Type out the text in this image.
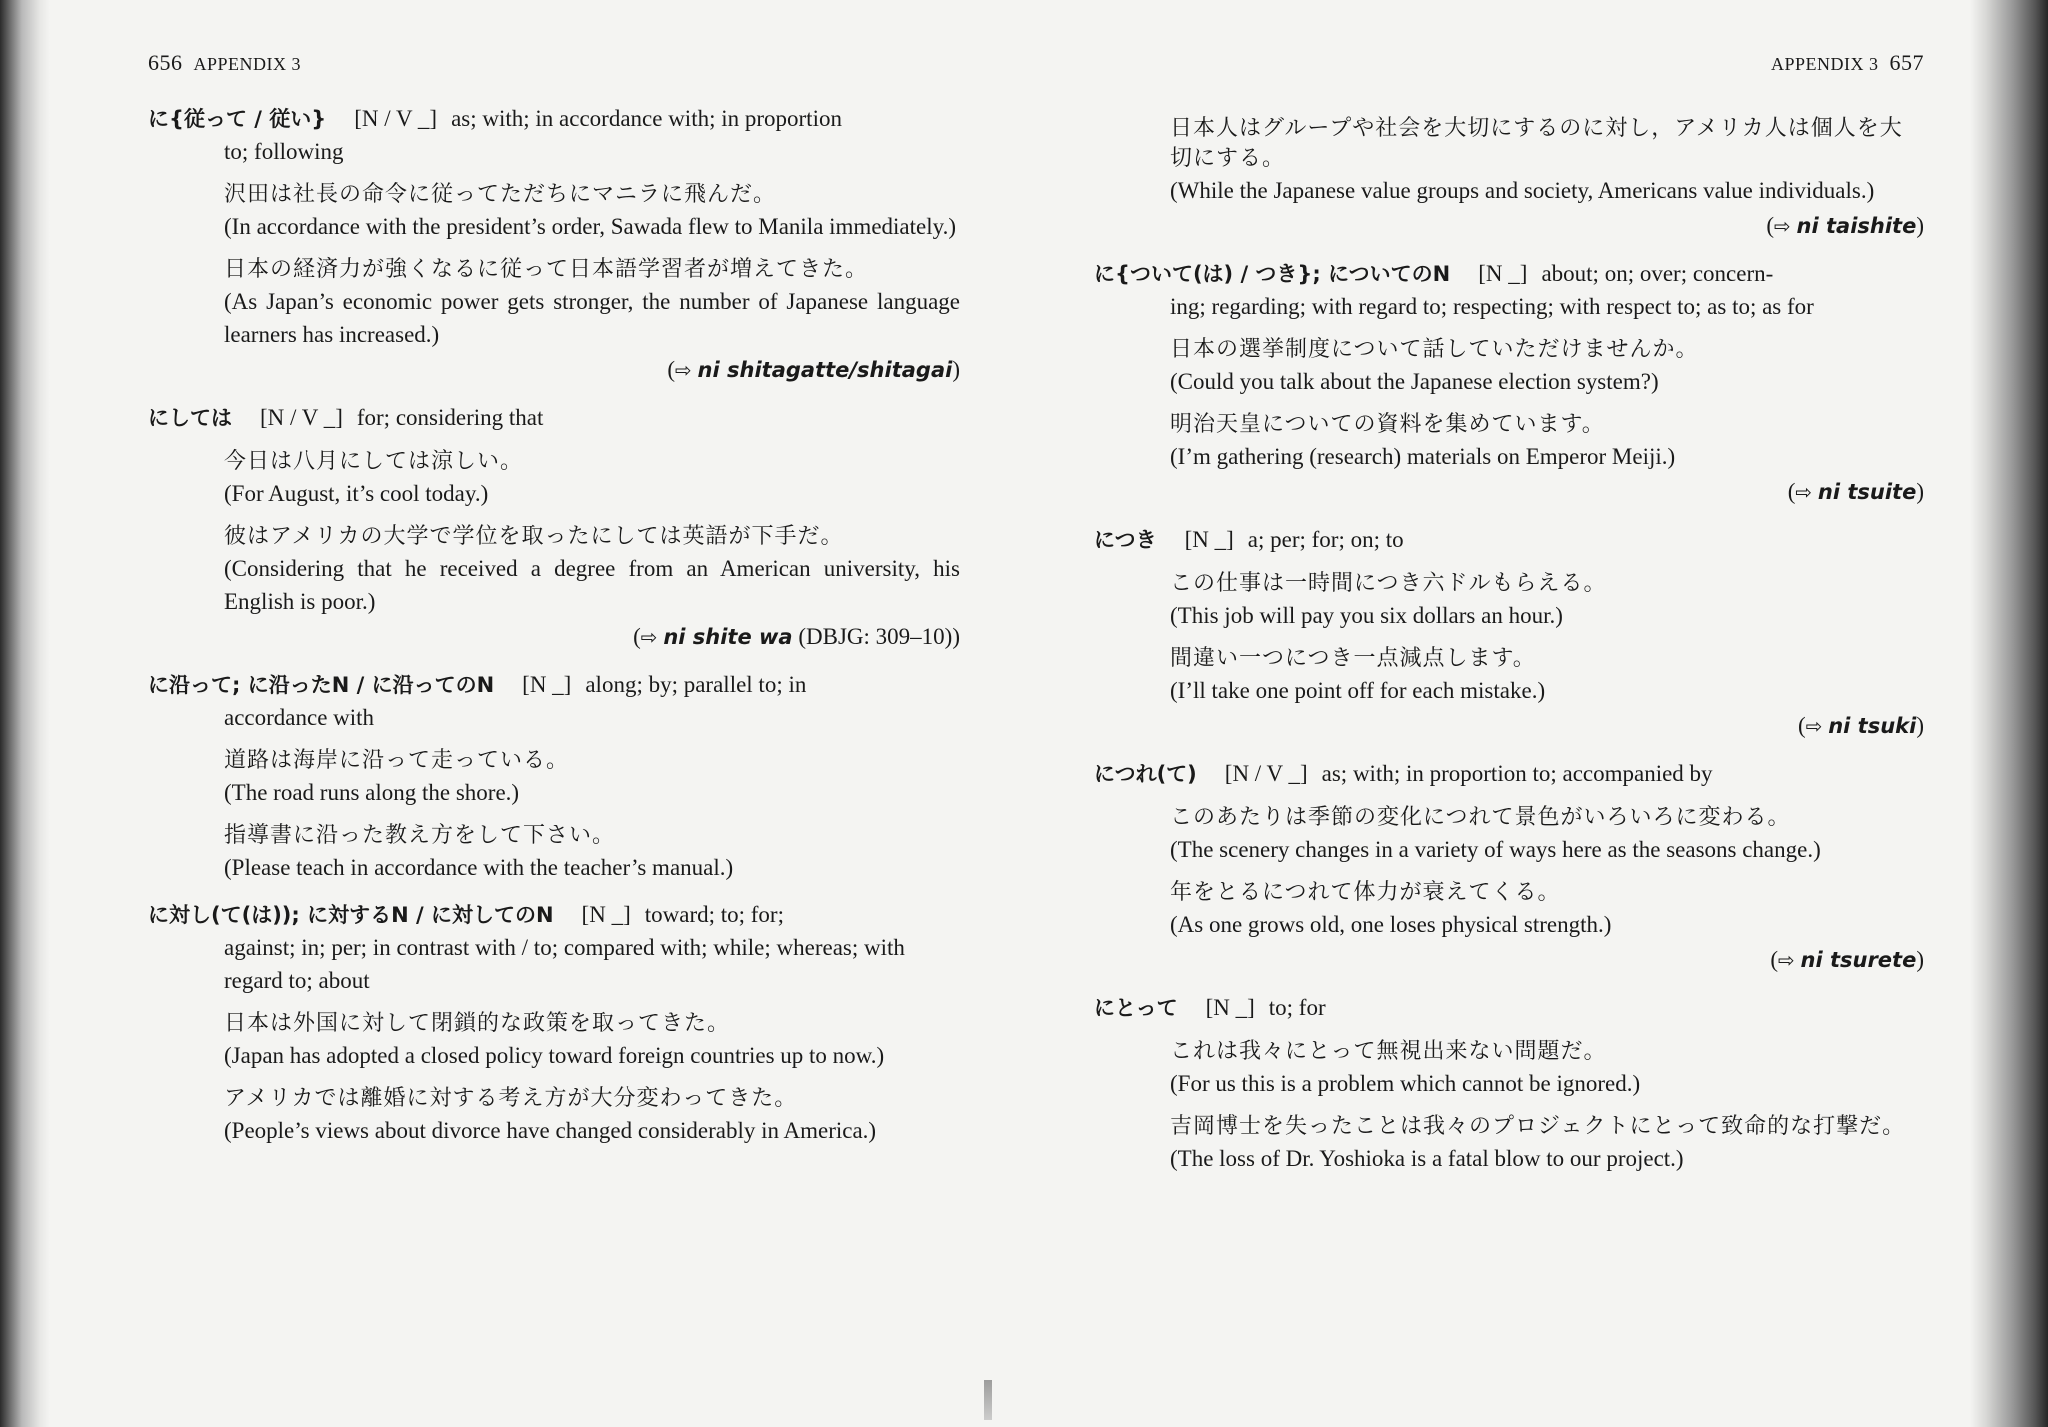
656 APPENDIX 3
に{従って / 従い} [N / V _] as; with; in accordance with; in proportion
to; following
沢田は社長の命令に従ってただちにマニラに飛んだ。
(In accordance with the president’s order, Sawada flew to Manila immediately.)
日本の経済力が強くなるに従って日本語学習者が増えてきた。
(As Japan’s economic power gets stronger, the number of Japanese language learners has increased.)
(⇨ ni shitagatte/shitagai)
にしては [N / V _] for; considering that
今日は八月にしては涼しい。
(For August, it’s cool today.)
彼はアメリカの大学で学位を取ったにしては英語が下手だ。
(Considering that he received a degree from an American university, his English is poor.)
(⇨ ni shite wa (DBJG: 309–10))
に沿って; に沿ったN / に沿ってのN [N _] along; by; parallel to; in
accordance with
道路は海岸に沿って走っている。
(The road runs along the shore.)
指導書に沿った教え方をして下さい。
(Please teach in accordance with the teacher’s manual.)
に対し(て(は)); に対するN / に対してのN [N _] toward; to; for;
against; in; per; in contrast with / to; compared with; while; whereas; with regard to; about
日本は外国に対して閉鎖的な政策を取ってきた。
(Japan has adopted a closed policy toward foreign countries up to now.)
アメリカでは離婚に対する考え方が大分変わってきた。
(People’s views about divorce have changed considerably in America.)
APPENDIX 3 657
日本人はグループや社会を大切にするのに対し，アメリカ人は個人を大切にする。
(While the Japanese value groups and society, Americans value individuals.)
(⇨ ni taishite)
に{ついて(は) / つき}; についてのN [N _] about; on; over; concern-
ing; regarding; with regard to; respecting; with respect to; as to; as for
日本の選挙制度について話していただけませんか。
(Could you talk about the Japanese election system?)
明治天皇についての資料を集めています。
(I’m gathering (research) materials on Emperor Meiji.)
(⇨ ni tsuite)
につき [N _] a; per; for; on; to
この仕事は一時間につき六ドルもらえる。
(This job will pay you six dollars an hour.)
間違い一つにつき一点減点します。
(I’ll take one point off for each mistake.)
(⇨ ni tsuki)
につれ(て) [N / V _] as; with; in proportion to; accompanied by
このあたりは季節の変化につれて景色がいろいろに変わる。
(The scenery changes in a variety of ways here as the seasons change.)
年をとるにつれて体力が衰えてくる。
(As one grows old, one loses physical strength.)
(⇨ ni tsurete)
にとって [N _] to; for
これは我々にとって無視出来ない問題だ。
(For us this is a problem which cannot be ignored.)
吉岡博士を失ったことは我々のプロジェクトにとって致命的な打撃だ。
(The loss of Dr. Yoshioka is a fatal blow to our project.)
